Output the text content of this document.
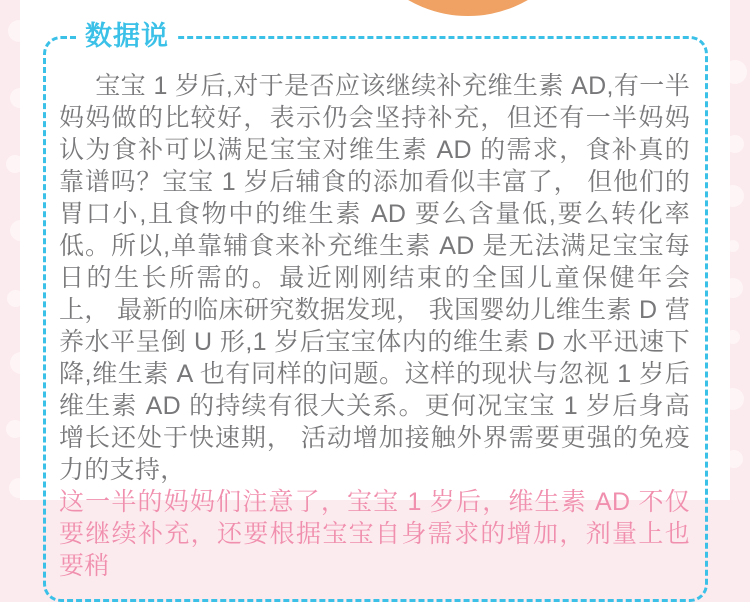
数据说

宝宝 1 岁后,对于是否应该继续补充维生素 AD,有一半妈妈做的比较好，表示仍会坚持补充，但还有一半妈妈认为食补可以满足宝宝对维生素 AD 的需求，食补真的靠谱吗？宝宝 1 岁后辅食的添加看似丰富了， 但他们的胃口小,且食物中的维生素 AD 要么含量低,要么转化率低。所以,单靠辅食来补充维生素 AD 是无法满足宝宝每日的生长所需的。最近刚刚结束的全国儿童保健年会上， 最新的临床研究数据发现， 我国婴幼儿维生素 D 营养水平呈倒 U 形,1 岁后宝宝体内的维生素 D 水平迅速下降,维生素 A 也有同样的问题。这样的现状与忽视 1 岁后维生素 AD 的持续有很大关系。更何况宝宝 1 岁后身高增长还处于快速期， 活动增加接触外界需要更强的免疫力的支持，

这一半的妈妈们注意了，宝宝 1 岁后，维生素 AD 不仅要继续补充，还要根据宝宝自身需求的增加，剂量上也要稍
